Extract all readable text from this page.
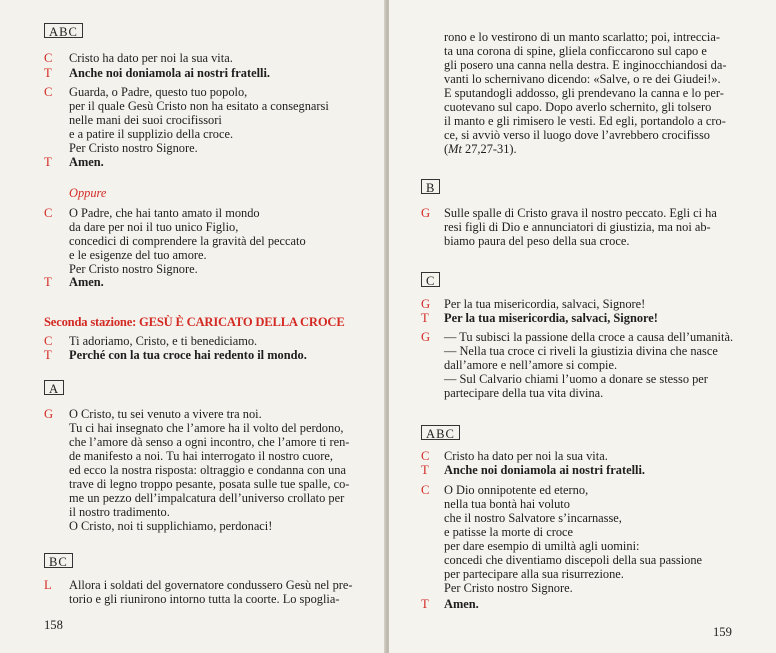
ABC
C Cristo ha dato per noi la sua vita.
T Anche noi doniamola ai nostri fratelli.
C Guarda, o Padre, questo tuo popolo,
per il quale Gesù Cristo non ha esitato a consegnarsi
nelle mani dei suoi crocifissori
e a patire il supplizio della croce.
Per Cristo nostro Signore.
T Amen.
Oppure
C O Padre, che hai tanto amato il mondo
da dare per noi il tuo unico Figlio,
concedici di comprendere la gravità del peccato
e le esigenze del tuo amore.
Per Cristo nostro Signore.
T Amen.
Seconda stazione: GESÙ È CARICATO DELLA CROCE
C Ti adoriamo, Cristo, e ti benediciamo.
T Perché con la tua croce hai redento il mondo.
A
G O Cristo, tu sei venuto a vivere tra noi.
Tu ci hai insegnato che l’amore ha il volto del perdono,
che l’amore dà senso a ogni incontro, che l’amore ti ren-
de manifesto a noi. Tu hai interrogato il nostro cuore,
ed ecco la nostra risposta: oltraggio e condanna con una
trave di legno troppo pesante, posata sulle tue spalle, co-
me un pezzo dell’impalcatura dell’universo crollato per
il nostro tradimento.
O Cristo, noi ti supplichiamo, perdonaci!
BC
L Allora i soldati del governatore condussero Gesù nel pre-
torio e gli riunirono intorno tutta la coorte. Lo spoglia-
158
rono e lo vestirono di un manto scarlatto; poi, intreccia-
ta una corona di spine, gliela conficcarono sul capo e
gli posero una canna nella destra. E inginocchiandosi da-
vanti lo schernivano dicendo: «Salve, o re dei Giudei!».
E sputandogli addosso, gli prendevano la canna e lo per-
cuotevano sul capo. Dopo averlo schernito, gli tolsero
il manto e gli rimisero le vesti. Ed egli, portandolo a cro-
ce, si avviò verso il luogo dove l’avrebbero crocifisso
(Mt 27,27-31).
B
G Sulle spalle di Cristo grava il nostro peccato. Egli ci ha
resi figli di Dio e annunciatori di giustizia, ma noi ab-
biamo paura del peso della sua croce.
C
G Per la tua misericordia, salvaci, Signore!
T Per la tua misericordia, salvaci, Signore!
G — Tu subisci la passione della croce a causa dell’umanità.
— Nella tua croce ci riveli la giustizia divina che nasce
dall’amore e nell’amore si compie.
— Sul Calvario chiami l’uomo a donare se stesso per
partecipare della tua vita divina.
ABC
C Cristo ha dato per noi la sua vita.
T Anche noi doniamola ai nostri fratelli.
C O Dio onnipotente ed eterno,
nella tua bontà hai voluto
che il nostro Salvatore s’incarnasse,
e patisse la morte di croce
per dare esempio di umiltà agli uomini:
concedi che diventiamo discepoli della sua passione
per partecipare alla sua risurrezione.
Per Cristo nostro Signore.
T Amen.
159
